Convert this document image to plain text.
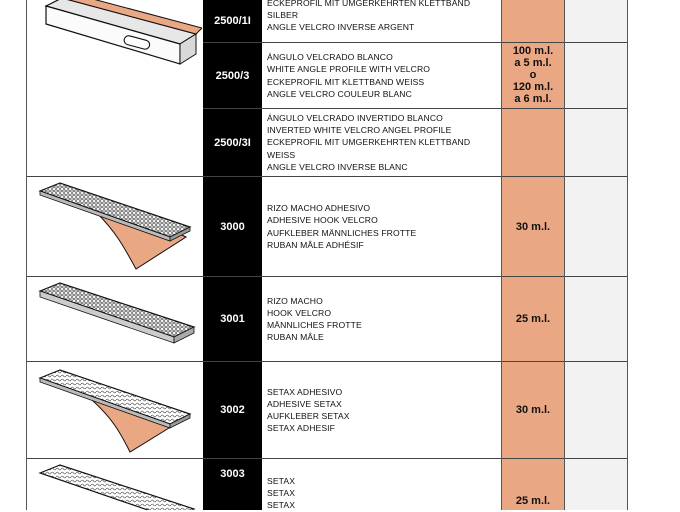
2500/1I
ECKEPROFIL MIT UMGERKEHRTEN KLETTBAND
SILBER
ANGLE VELCRO INVERSE ARGENT
2500/3
ÁNGULO VELCRADO BLANCO
WHITE ANGLE PROFILE WITH VELCRO
ECKEPROFIL MIT KLETTBAND WEISS
ANGLE VELCRO COULEUR BLANC
2500/3I
ÁNGULO VELCRADO INVERTIDO BLANCO
INVERTED WHITE VELCRO ANGEL PROFILE
ECKEPROFIL MIT UMGERKEHRTEN KLETTBAND
WEISS
ANGLE VELCRO INVERSE BLANC
100 m.l.
a 5 m.l.
o
120 m.l.
a 6 m.l.
3000
RIZO MACHO ADHESIVO
ADHESIVE HOOK VELCRO
AUFKLEBER MÄNNLICHES FROTTE
RUBAN MÂLE ADHÉSIF
30 m.l.
3001
RIZO MACHO
HOOK VELCRO
MÄNNLICHES FROTTE
RUBAN MÂLE
25 m.l.
3002
SETAX ADHESIVO
ADHESIVE SETAX
AUFKLEBER SETAX
SETAX ADHESIF
30 m.l.
3003
SETAX
SETAX
SETAX	25 m.l.
